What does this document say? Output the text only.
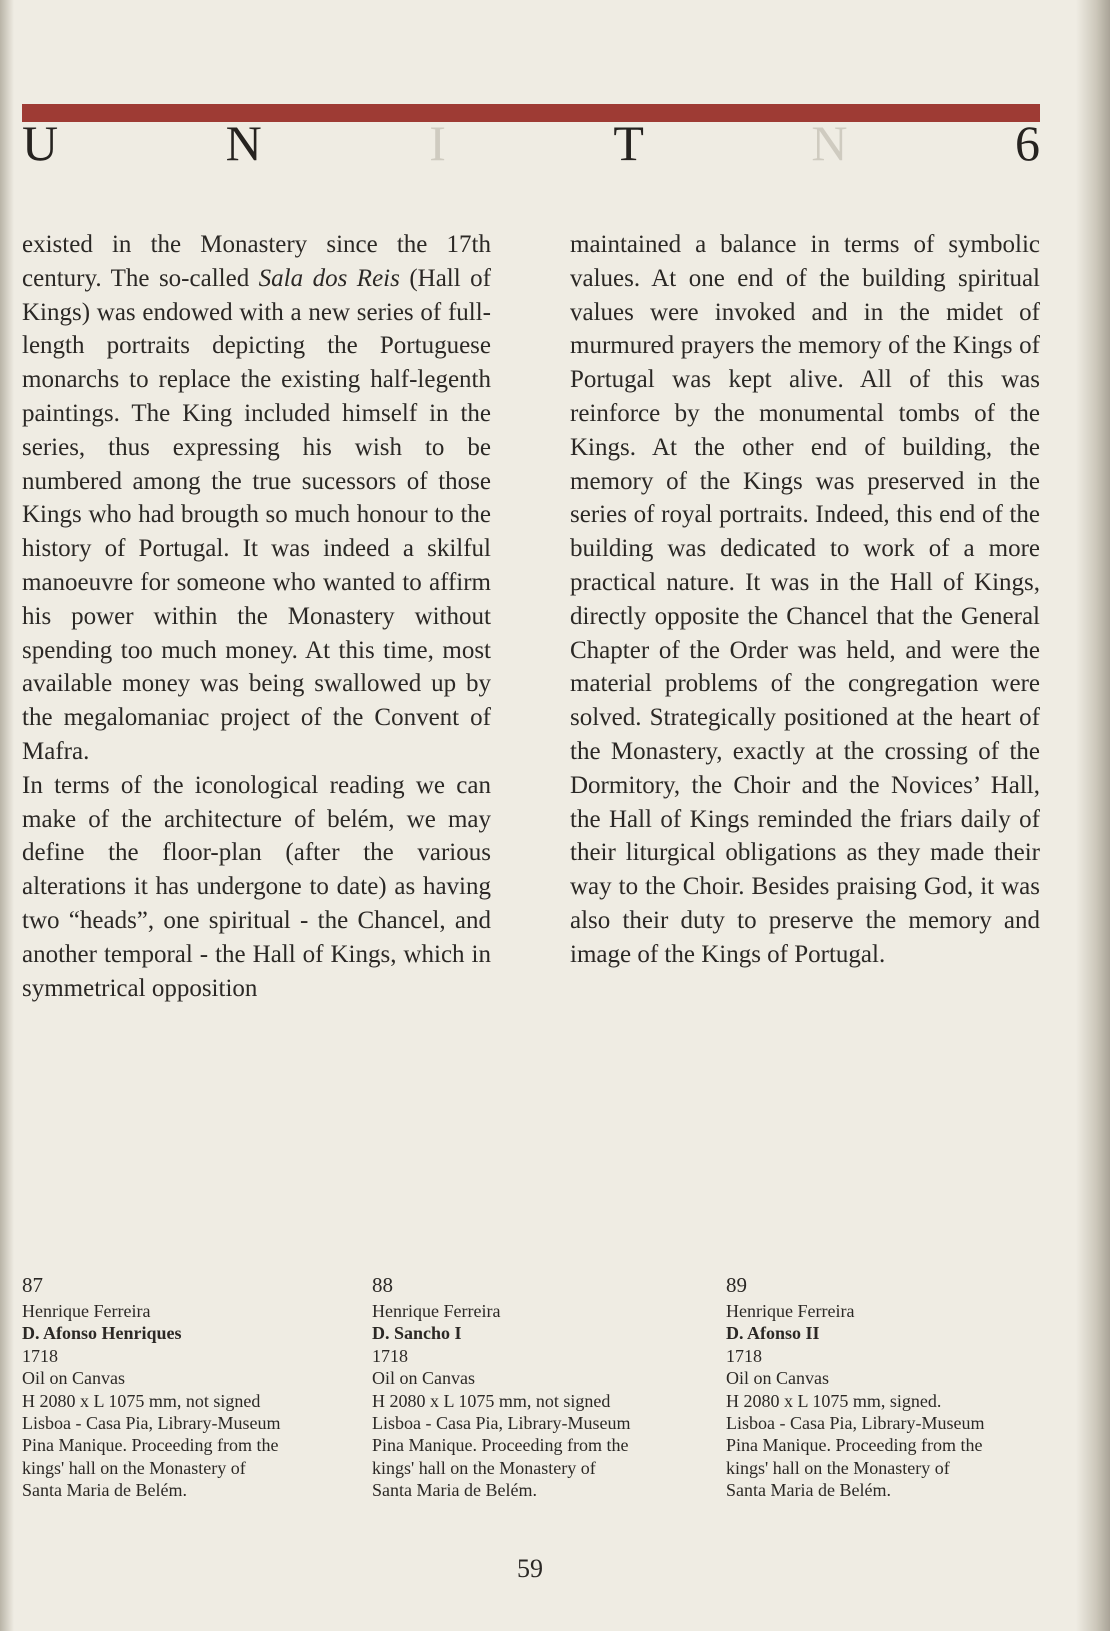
U	N	I	T	N	6

existed in the Monastery since the 17th century. The so-called Sala dos Reis (Hall of Kings) was endowed with a new series of full-length portraits depicting the Portuguese monarchs to replace the existing half-legenth paintings. The King included himself in the series, thus expressing his wish to be numbered among the true sucessors of those Kings who had brougth so much honour to the history of Portugal. It was indeed a skilful manoeuvre for someone who wanted to affirm his power within the Monastery without spending too much money. At this time, most available money was being swallowed up by the megalomaniac project of the Convent of Mafra.

In terms of the iconological reading we can make of the architecture of belém, we may define the floor-plan (after the various alterations it has undergone to date) as having two “heads”, one spiritual - the Chancel, and another temporal - the Hall of Kings, which in symmetrical opposition

maintained a balance in terms of symbolic values. At one end of the building spiritual values were invoked and in the midet of murmured prayers the memory of the Kings of Portugal was kept alive. All of this was reinforce by the monumental tombs of the Kings. At the other end of building, the memory of the Kings was preserved in the series of royal portraits. Indeed, this end of the building was dedicated to work of a more practical nature. It was in the Hall of Kings, directly opposite the Chancel that the General Chapter of the Order was held, and were the material problems of the congregation were solved. Strategically positioned at the heart of the Monastery, exactly at the crossing of the Dormitory, the Choir and the Novices’ Hall, the Hall of Kings reminded the friars daily of their liturgical obligations as they made their way to the Choir. Besides praising God, it was also their duty to preserve the memory and image of the Kings of Portugal.

87
Henrique Ferreira
D. Afonso Henriques
1718
Oil on Canvas
H 2080 x L 1075 mm, not signed
Lisboa - Casa Pia, Library-Museum
Pina Manique. Proceeding from the
kings' hall on the Monastery of
Santa Maria de Belém.
88
Henrique Ferreira
D. Sancho I
1718
Oil on Canvas
H 2080 x L 1075 mm, not signed
Lisboa - Casa Pia, Library-Museum
Pina Manique. Proceeding from the
kings' hall on the Monastery of
Santa Maria de Belém.
89
Henrique Ferreira
D. Afonso II
1718
Oil on Canvas
H 2080 x L 1075 mm, signed.
Lisboa - Casa Pia, Library-Museum
Pina Manique. Proceeding from the
kings' hall on the Monastery of
Santa Maria de Belém.
59
